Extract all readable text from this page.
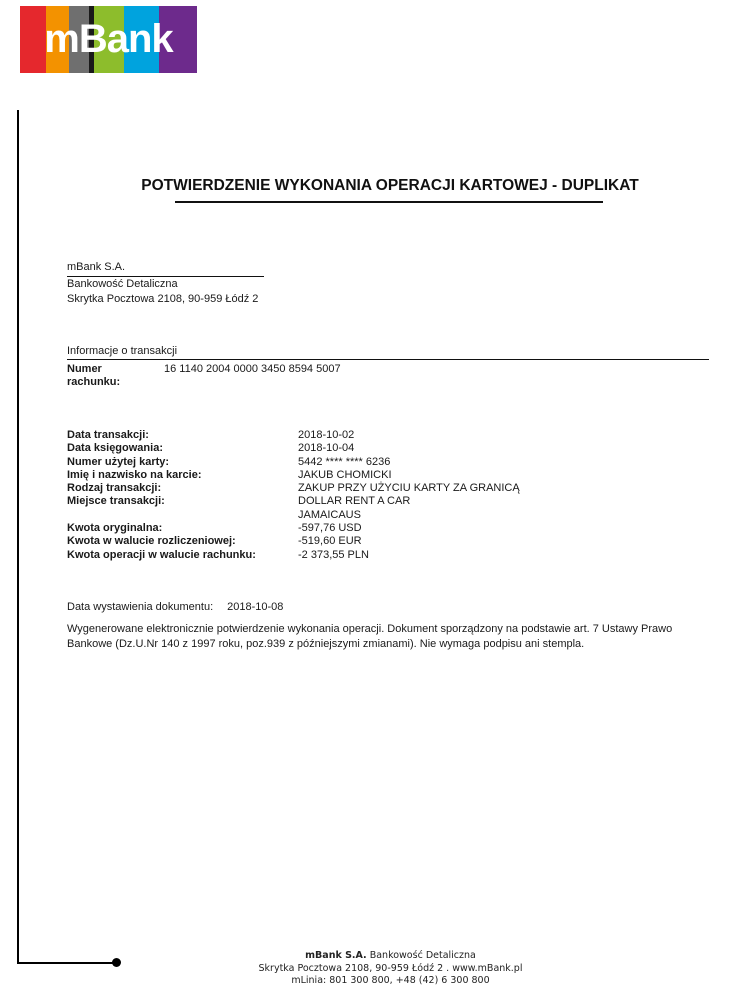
mBank
POTWIERDZENIE WYKONANIA OPERACJI KARTOWEJ - DUPLIKAT
mBank S.A.
Bankowość Detaliczna
Skrytka Pocztowa 2108, 90-959 Łódź 2
Informacje o transakcji
Numer rachunku:
16 1140 2004 0000 3450 8594 5007
Data transakcji:	2018-10-02
Data księgowania:	2018-10-04
Numer użytej karty:	5442 **** **** 6236
Imię i nazwisko na karcie:	JAKUB CHOMICKI
Rodzaj transakcji:	ZAKUP PRZY UŻYCIU KARTY ZA GRANICĄ
Miejsce transakcji:	DOLLAR RENT A CAR
JAMAICAUS
Kwota oryginalna:	-597,76 USD
Kwota w walucie rozliczeniowej:	-519,60 EUR
Kwota operacji w walucie rachunku:	-2 373,55 PLN
Data wystawienia dokumentu: 2018-10-08
Wygenerowane elektronicznie potwierdzenie wykonania operacji. Dokument sporządzony na podstawie art. 7 Ustawy Prawo Bankowe (Dz.U.Nr 140 z 1997 roku, poz.939 z późniejszymi zmianami). Nie wymaga podpisu ani stempla.
mBank S.A. Bankowość Detaliczna
Skrytka Pocztowa 2108, 90-959 Łódź 2 . www.mBank.pl
mLinia: 801 300 800, +48 (42) 6 300 800
